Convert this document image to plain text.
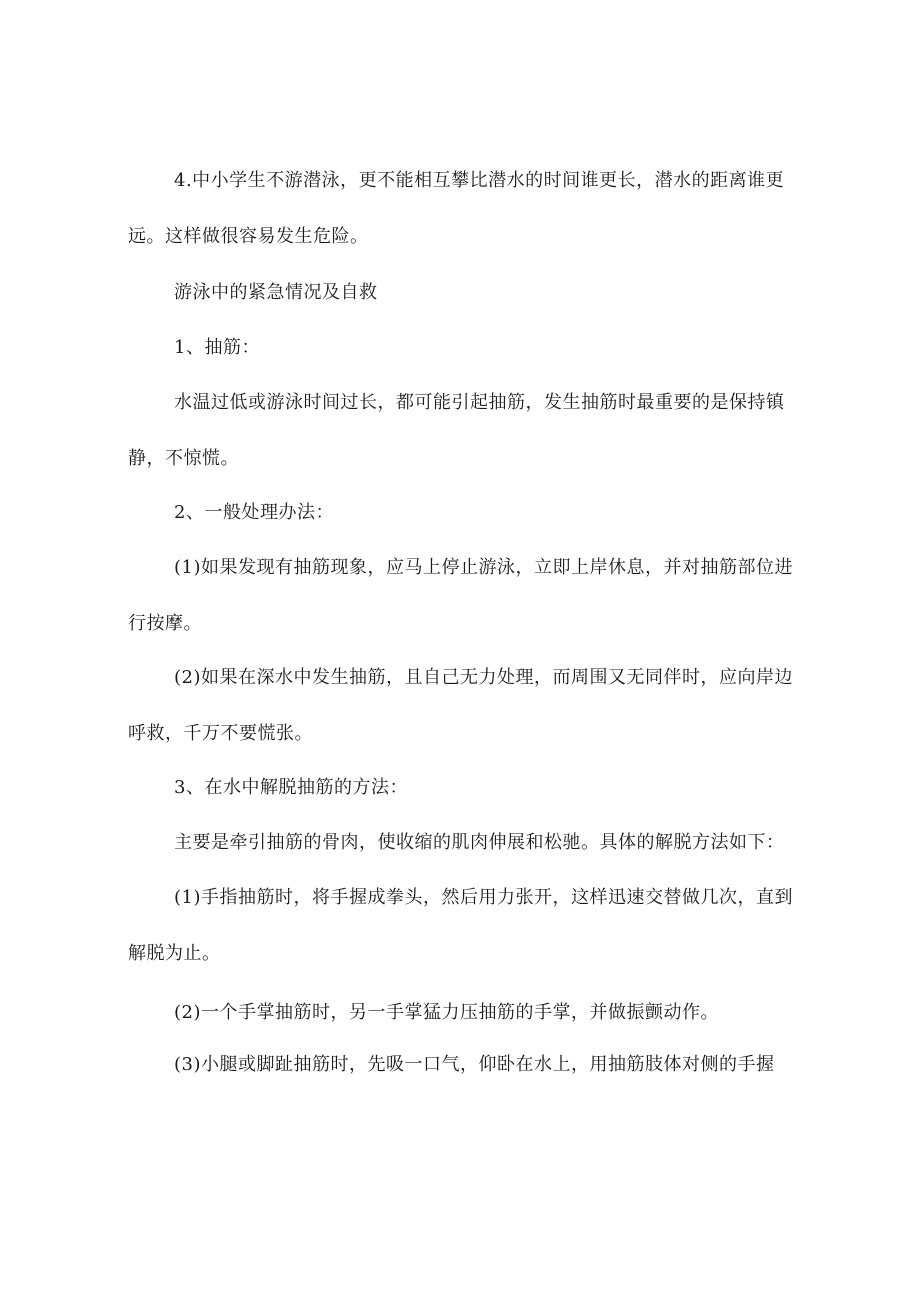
4.中小学生不游潜泳，更不能相互攀比潜水的时间谁更长，潜水的距离谁更远。这样做很容易发生危险。

游泳中的紧急情况及自救

1、抽筋：

水温过低或游泳时间过长，都可能引起抽筋，发生抽筋时最重要的是保持镇静，不惊慌。

2、一般处理办法：

(1)如果发现有抽筋现象，应马上停止游泳，立即上岸休息，并对抽筋部位进行按摩。

(2)如果在深水中发生抽筋，且自己无力处理，而周围又无同伴时，应向岸边呼救，千万不要慌张。

3、在水中解脱抽筋的方法：

主要是牵引抽筋的骨肉，使收缩的肌肉伸展和松驰。具体的解脱方法如下：

(1)手指抽筋时，将手握成拳头，然后用力张开，这样迅速交替做几次，直到解脱为止。

(2)一个手掌抽筋时，另一手掌猛力压抽筋的手掌，并做振颤动作。

(3)小腿或脚趾抽筋时，先吸一口气，仰卧在水上，用抽筋肢体对侧的手握
